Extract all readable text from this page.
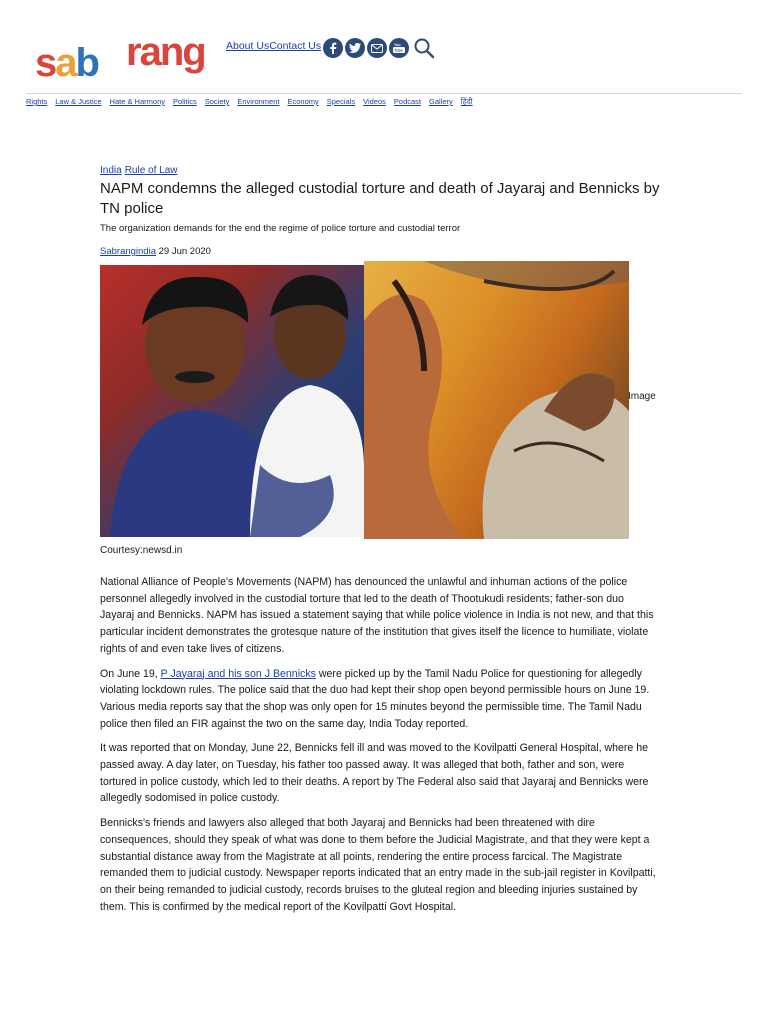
sab rang About Us Contact Us	You
Tube
Rights Law & Justice Hate & Harmony Politics Society Environment Economy Specials Videos Podcast Gallery हिंदी
India Rule of Law
NAPM condemns the alleged custodial torture and death of Jayaraj and Bennicks by TN police
The organization demands for the end the regime of police torture and custodial terror
Sabrangindia 29 Jun 2020
Image
Courtesy:newsd.in

National Alliance of People's Movements (NAPM) has denounced the unlawful and inhuman actions of the police personnel allegedly involved in the custodial torture that led to the death of Thootukudi residents; father-son duo Jayaraj and Bennicks. NAPM has issued a statement saying that while police violence in India is not new, and that this particular incident demonstrates the grotesque nature of the institution that gives itself the licence to humiliate, violate rights of and even take lives of citizens.

On June 19, P Jayaraj and his son J Bennicks were picked up by the Tamil Nadu Police for questioning for allegedly violating lockdown rules. The police said that the duo had kept their shop open beyond permissible hours on June 19. Various media reports say that the shop was only open for 15 minutes beyond the permissible time. The Tamil Nadu police then filed an FIR against the two on the same day, India Today reported.

It was reported that on Monday, June 22, Bennicks fell ill and was moved to the Kovilpatti General Hospital, where he passed away. A day later, on Tuesday, his father too passed away. It was alleged that both, father and son, were tortured in police custody, which led to their deaths. A report by The Federal also said that Jayaraj and Bennicks were allegedly sodomised in police custody.

Bennicks's friends and lawyers also alleged that both Jayaraj and Bennicks had been threatened with dire consequences, should they speak of what was done to them before the Judicial Magistrate, and that they were kept a substantial distance away from the Magistrate at all points, rendering the entire process farcical. The Magistrate remanded them to judicial custody. Newspaper reports indicated that an entry made in the sub-jail register in Kovilpatti, on their being remanded to judicial custody, records bruises to the gluteal region and bleeding injuries sustained by them. This is confirmed by the medical report of the Kovilpatti Govt Hospital.
